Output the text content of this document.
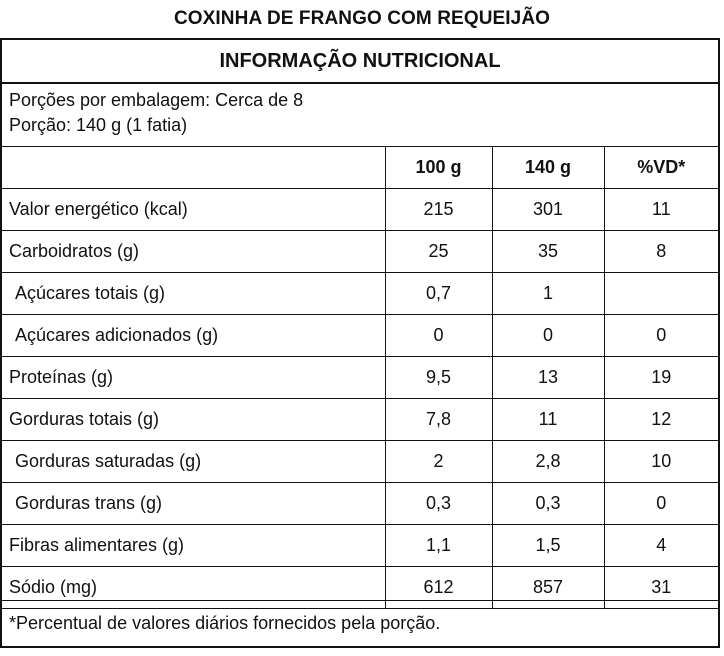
COXINHA DE FRANGO COM REQUEIJÃO
INFORMAÇÃO NUTRICIONAL
Porções por embalagem: Cerca de 8
Porção: 140 g (1 fatia)
	100 g	140 g	%VD*
Valor energético (kcal)	215	301	11
Carboidratos (g)	25	35	8
Açúcares totais (g)	0,7	1	
Açúcares adicionados (g)	0	0	0
Proteínas (g)	9,5	13	19
Gorduras totais (g)	7,8	11	12
Gorduras saturadas (g)	2	2,8	10
Gorduras trans (g)	0,3	0,3	0
Fibras alimentares (g)	1,1	1,5	4
Sódio (mg)	612	857	31
*Percentual de valores diários fornecidos pela porção.
